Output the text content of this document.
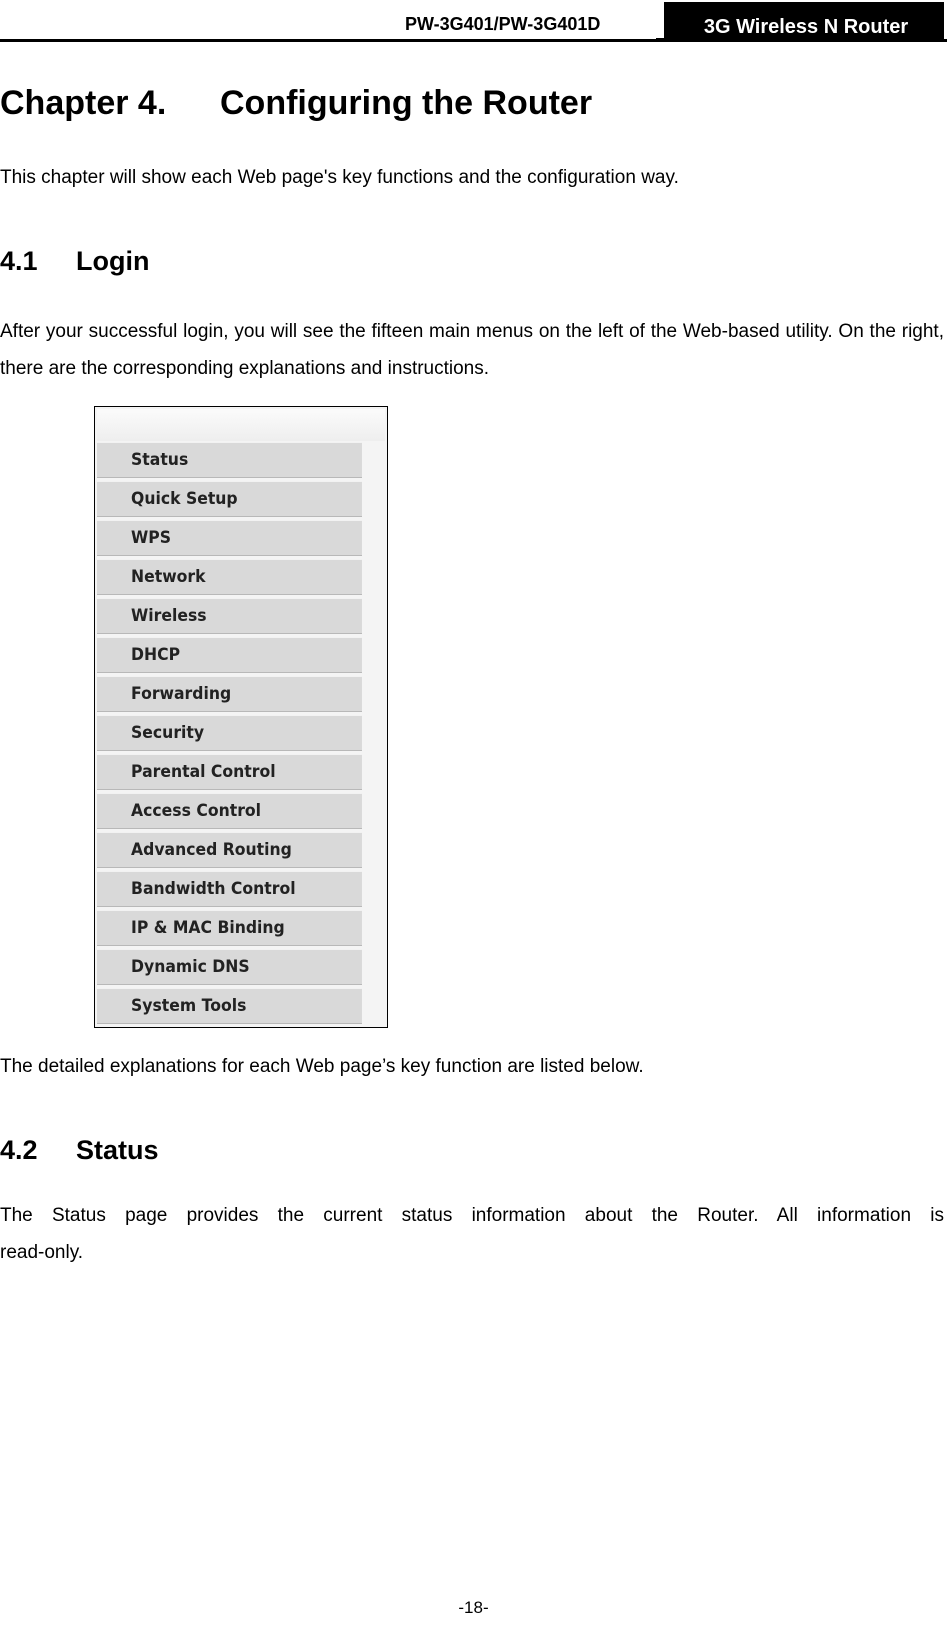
PW-3G401/PW-3G401D	3G Wireless N Router
Chapter 4. Configuring the Router
This chapter will show each Web page's key functions and the configuration way.
4.1 Login
After your successful login, you will see the fifteen main menus on the left of the Web-based utility. On the right, there are the corresponding explanations and instructions.
Status
Quick Setup
WPS
Network
Wireless
DHCP
Forwarding
Security
Parental Control
Access Control
Advanced Routing
Bandwidth Control
IP & MAC Binding
Dynamic DNS
System Tools
The detailed explanations for each Web page’s key function are listed below.
4.2 Status
The Status page provides the current status information about the Router. All information is read-only.
-18-
